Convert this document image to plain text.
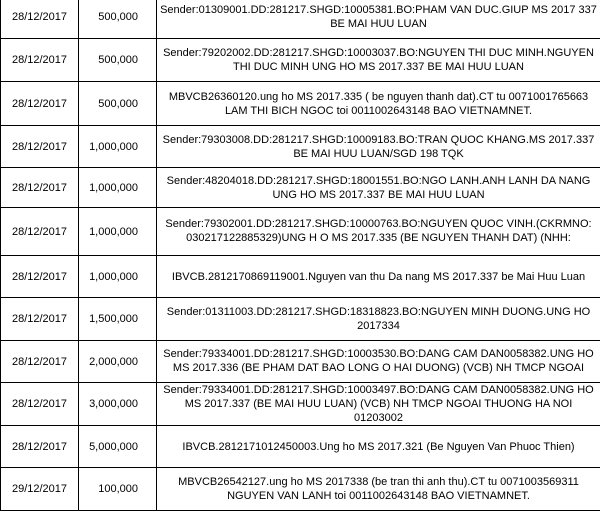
28/12/2017	500,000	Sender:01309001.DD:281217.SHGD:10005381.BO:PHAM VAN DUC.GIUP MS 2017 337 BE MAI HUU LUAN
28/12/2017	500,000	Sender:79202002.DD:281217.SHGD:10003037.BO:NGUYEN THI DUC MINH.NGUYEN THI DUC MINH UNG HO MS 2017.337 BE MAI HUU LUAN
28/12/2017	500,000	MBVCB26360120.ung ho MS 2017.335 ( be nguyen thanh dat).CT tu 0071001765663 LAM THI BICH NGOC toi 0011002643148 BAO VIETNAMNET.
28/12/2017	1,000,000	Sender:79303008.DD:281217.SHGD:10009183.BO:TRAN QUOC KHANG.MS 2017.337 BE MAI HUU LUAN/SGD 198 TQK
28/12/2017	1,000,000	Sender:48204018.DD:281217.SHGD:18001551.BO:NGO LANH.ANH LANH DA NANG UNG HO MS 2017.337 BE MAI HUU LUAN
28/12/2017	1,000,000	Sender:79302001.DD:281217.SHGD:10000763.BO:NGUYEN QUOC VINH.(CKRMNO: 030217122885329)UNG H O MS 2017.335 (BE NGUYEN THANH DAT) (NHH:

28/12/2017	1,000,000	IBVCB.2812170869119001.Nguyen van thu Da nang MS 2017.337 be Mai Huu Luan
28/12/2017	1,500,000	Sender:01311003.DD:281217.SHGD:18318823.BO:NGUYEN MINH DUONG.UNG HO 2017334
28/12/2017	2,000,000	Sender:79334001.DD:281217.SHGD:10003530.BO:DANG CAM DAN0058382.UNG HO MS 2017.336 (BE PHAM DAT BAO LONG O HAI DUONG) (VCB) NH TMCP NGOAI

28/12/2017	3,000,000	Sender:79334001.DD:281217.SHGD:10003497.BO:DANG CAM DAN0058382.UNG HO MS 2017.337 (BE MAI HUU LUAN) (VCB) NH TMCP NGOAI THUONG HA NOI 01203002
28/12/2017	5,000,000	IBVCB.2812171012450003.Ung ho MS 2017.321 (Be Nguyen Van Phuoc Thien)
29/12/2017	100,000	MBVCB26542127.ung ho MS 2017338 (be tran thi anh thu).CT tu 0071003569311 NGUYEN VAN LANH toi 0011002643148 BAO VIETNAMNET.
